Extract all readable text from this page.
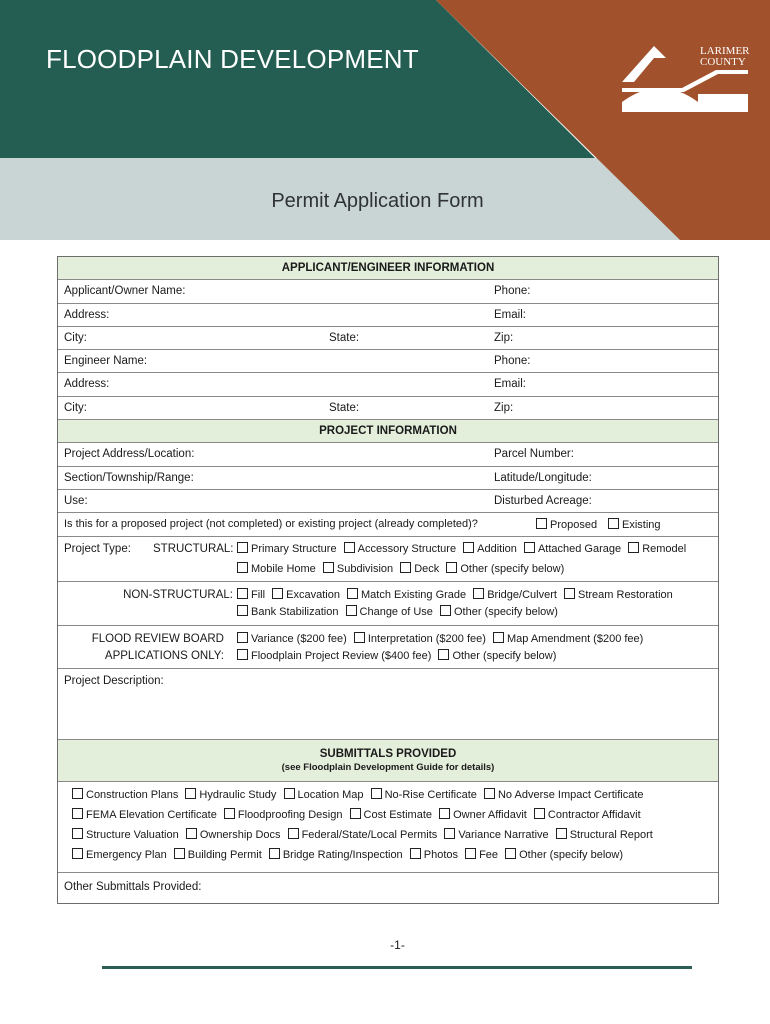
FLOODPLAIN DEVELOPMENT	LARIMER
COUNTY
Permit Application Form
APPLICANT/ENGINEER INFORMATION
Applicant/Owner Name:	Phone:
Address:	Email:
City:	State:	Zip:
Engineer Name:	Phone:
Address:	Email:
City:	State:	Zip:
PROJECT INFORMATION
Project Address/Location:	Parcel Number:
Section/Township/Range:	Latitude/Longitude:
Use:	Disturbed Acreage:
Is this for a proposed project (not completed) or existing project (already completed)?	Proposed	Existing
Project Type: STRUCTURAL:	Primary Structure Accessory Structure Addition Attached Garage Remodel
Mobile Home Subdivision Deck Other (specify below)
NON-STRUCTURAL:	Fill Excavation Match Existing Grade Bridge/Culvert Stream Restoration
Bank Stabilization Change of Use Other (specify below)
FLOOD REVIEW BOARD
APPLICATIONS ONLY:
Variance ($200 fee) Interpretation ($200 fee) Map Amendment ($200 fee)
Floodplain Project Review ($400 fee) Other (specify below)
Project Description:
SUBMITTALS PROVIDED
(see Floodplain Development Guide for details)
Construction Plans Hydraulic Study Location Map No-Rise Certificate No Adverse Impact Certificate
FEMA Elevation Certificate Floodproofing Design Cost Estimate Owner Affidavit Contractor Affidavit
Structure Valuation Ownership Docs Federal/State/Local Permits Variance Narrative Structural Report
Emergency Plan Building Permit Bridge Rating/Inspection Photos Fee Other (specify below)
Other Submittals Provided:
-1-
